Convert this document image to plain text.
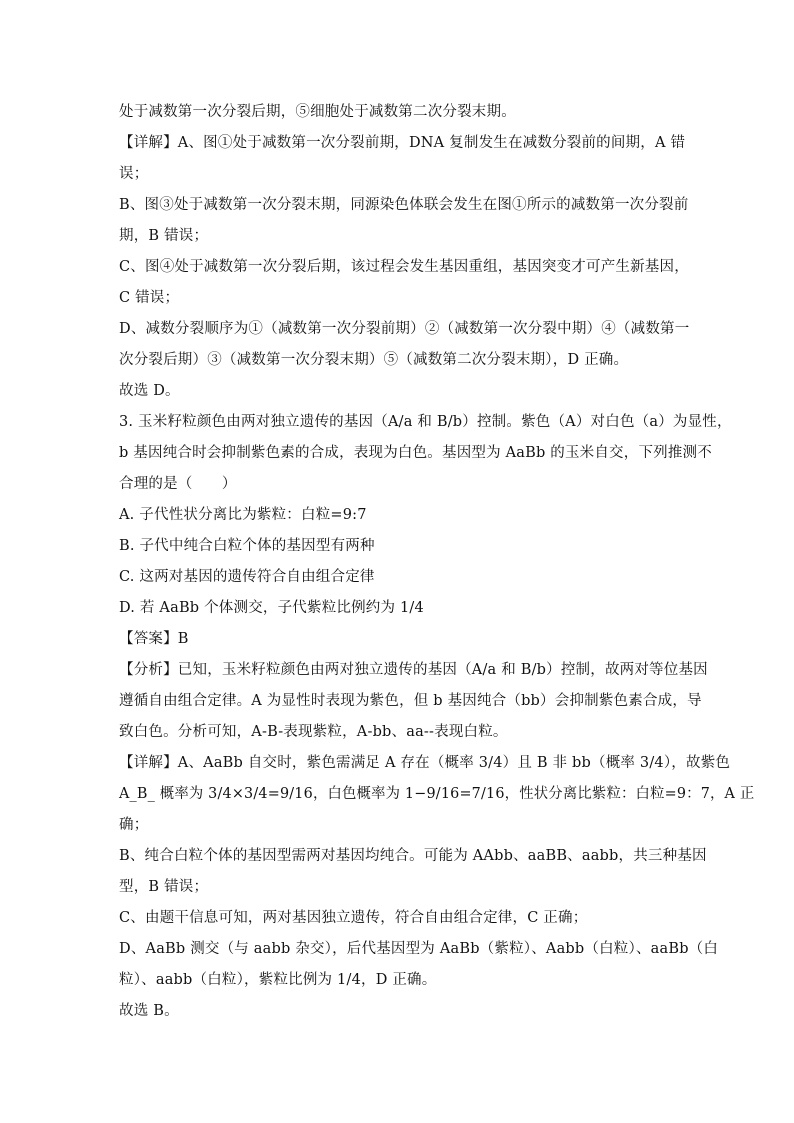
处于减数第一次分裂后期，⑤细胞处于减数第二次分裂末期。
【详解】A、图①处于减数第一次分裂前期，DNA 复制发生在减数分裂前的间期，A 错
误；
B、图③处于减数第一次分裂末期，同源染色体联会发生在图①所示的减数第一次分裂前
期，B 错误；
C、图④处于减数第一次分裂后期，该过程会发生基因重组，基因突变才可产生新基因，
C 错误；
D、减数分裂顺序为①（减数第一次分裂前期）②（减数第一次分裂中期）④（减数第一
次分裂后期）③（减数第一次分裂末期）⑤（减数第二次分裂末期），D 正确。
故选 D。
3. 玉米籽粒颜色由两对独立遗传的基因（A/a 和 B/b）控制。紫色（A）对白色（a）为显性，
b 基因纯合时会抑制紫色素的合成，表现为白色。基因型为 AaBb 的玉米自交，下列推测不
合理的是（　　）
A. 子代性状分离比为紫粒：白粒=9:7
B. 子代中纯合白粒个体的基因型有两种
C. 这两对基因的遗传符合自由组合定律
D. 若 AaBb 个体测交，子代紫粒比例约为 1/4
【答案】B
【分析】已知，玉米籽粒颜色由两对独立遗传的基因（A/a 和 B/b）控制，故两对等位基因
遵循自由组合定律。A 为显性时表现为紫色，但 b 基因纯合（bb）会抑制紫色素合成，导
致白色。分析可知，A-B-表现紫粒，A-bb、aa--表现白粒。
【详解】A、AaBb 自交时，紫色需满足 A 存在（概率 3/4）且 B 非 bb（概率 3/4），故紫色
A_B_ 概率为 3/4×3/4=9/16，白色概率为 1−9/16=7/16，性状分离比紫粒：白粒=9：7，A 正
确；
B、纯合白粒个体的基因型需两对基因均纯合。可能为 AAbb、aaBB、aabb，共三种基因
型，B 错误；
C、由题干信息可知，两对基因独立遗传，符合自由组合定律，C 正确；
D、AaBb 测交（与 aabb 杂交），后代基因型为 AaBb（紫粒）、Aabb（白粒）、aaBb（白
粒）、aabb（白粒），紫粒比例为 1/4，D 正确。
故选 B。
